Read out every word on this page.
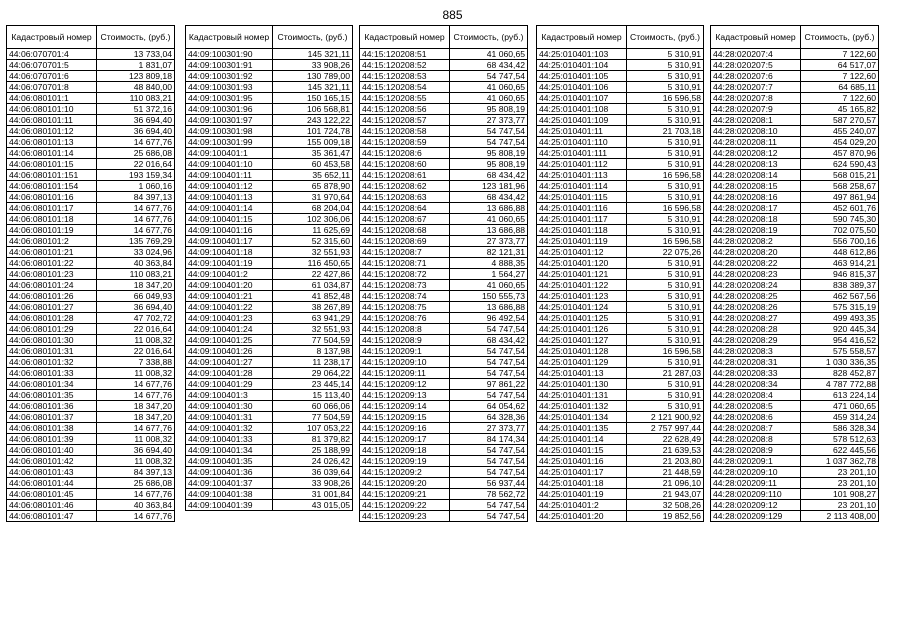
885
Кадастровый номер	Стоимость, (руб.)
44:06:070701:4	13 733,04
44:06:070701:5	1 831,07
44:06:070701:6	123 809,18
44:06:070701:8	48 840,00
44:06:080101:1	110 083,21
44:06:080101:10	51 372,16
44:06:080101:11	36 694,40
44:06:080101:12	36 694,40
44:06:080101:13	14 677,76
44:06:080101:14	25 686,08
44:06:080101:15	22 016,64
44:06:080101:151	193 159,34
44:06:080101:154	1 060,16
44:06:080101:16	84 397,13
44:06:080101:17	14 677,76
44:06:080101:18	14 677,76
44:06:080101:19	14 677,76
44:06:080101:2	135 769,29
44:06:080101:21	33 024,96
44:06:080101:22	40 363,84
44:06:080101:23	110 083,21
44:06:080101:24	18 347,20
44:06:080101:26	66 049,93
44:06:080101:27	36 694,40
44:06:080101:28	47 702,72
44:06:080101:29	22 016,64
44:06:080101:30	11 008,32
44:06:080101:31	22 016,64
44:06:080101:32	7 338,88
44:06:080101:33	11 008,32
44:06:080101:34	14 677,76
44:06:080101:35	14 677,76
44:06:080101:36	18 347,20
44:06:080101:37	18 347,20
44:06:080101:38	14 677,76
44:06:080101:39	11 008,32
44:06:080101:40	36 694,40
44:06:080101:42	11 008,32
44:06:080101:43	84 397,13
44:06:080101:44	25 686,08
44:06:080101:45	14 677,76
44:06:080101:46	40 363,84
44:06:080101:47	14 677,76
Кадастровый номер	Стоимость, (руб.)
44:09:100301:90	145 321,11
44:09:100301:91	33 908,26
44:09:100301:92	130 789,00
44:09:100301:93	145 321,11
44:09:100301:95	150 165,15
44:09:100301:96	106 568,81
44:09:100301:97	243 122,22
44:09:100301:98	101 724,78
44:09:100301:99	155 009,18
44:09:100401:1	35 361,47
44:09:100401:10	60 453,58
44:09:100401:11	35 652,11
44:09:100401:12	65 878,90
44:09:100401:13	31 970,64
44:09:100401:14	68 204,04
44:09:100401:15	102 306,06
44:09:100401:16	11 625,69
44:09:100401:17	52 315,60
44:09:100401:18	32 551,93
44:09:100401:19	116 450,65
44:09:100401:2	22 427,86
44:09:100401:20	61 034,87
44:09:100401:21	41 852,48
44:09:100401:22	38 267,89
44:09:100401:23	63 941,29
44:09:100401:24	32 551,93
44:09:100401:25	77 504,59
44:09:100401:26	8 137,98
44:09:100401:27	11 238,17
44:09:100401:28	29 064,22
44:09:100401:29	23 445,14
44:09:100401:3	15 113,40
44:09:100401:30	60 066,06
44:09:100401:31	77 504,59
44:09:100401:32	107 053,22
44:09:100401:33	81 379,82
44:09:100401:34	25 188,99
44:09:100401:35	24 026,42
44:09:100401:36	36 039,64
44:09:100401:37	33 908,26
44:09:100401:38	31 001,84
44:09:100401:39	43 015,05
Кадастровый номер	Стоимость, (руб.)
44:15:120208:51	41 060,65
44:15:120208:52	68 434,42
44:15:120208:53	54 747,54
44:15:120208:54	41 060,65
44:15:120208:55	41 060,65
44:15:120208:56	95 808,19
44:15:120208:57	27 373,77
44:15:120208:58	54 747,54
44:15:120208:59	54 747,54
44:15:120208:6	95 808,19
44:15:120208:60	95 808,19
44:15:120208:61	68 434,42
44:15:120208:62	123 181,96
44:15:120208:63	68 434,42
44:15:120208:64	13 686,88
44:15:120208:67	41 060,65
44:15:120208:68	13 686,88
44:15:120208:69	27 373,77
44:15:120208:7	82 121,31
44:15:120208:71	4 888,35
44:15:120208:72	1 564,27
44:15:120208:73	41 060,65
44:15:120208:74	150 555,73
44:15:120208:75	13 686,88
44:15:120208:76	96 492,54
44:15:120208:8	54 747,54
44:15:120208:9	68 434,42
44:15:120209:1	54 747,54
44:15:120209:10	54 747,54
44:15:120209:11	54 747,54
44:15:120209:12	97 861,22
44:15:120209:13	54 747,54
44:15:120209:14	64 054,62
44:15:120209:15	64 328,36
44:15:120209:16	27 373,77
44:15:120209:17	84 174,34
44:15:120209:18	54 747,54
44:15:120209:19	54 747,54
44:15:120209:2	54 747,54
44:15:120209:20	56 937,44
44:15:120209:21	78 562,72
44:15:120209:22	54 747,54
44:15:120209:23	54 747,54
Кадастровый номер	Стоимость, (руб.)
44:25:010401:103	5 310,91
44:25:010401:104	5 310,91
44:25:010401:105	5 310,91
44:25:010401:106	5 310,91
44:25:010401:107	16 596,58
44:25:010401:108	5 310,91
44:25:010401:109	5 310,91
44:25:010401:11	21 703,18
44:25:010401:110	5 310,91
44:25:010401:111	5 310,91
44:25:010401:112	5 310,91
44:25:010401:113	16 596,58
44:25:010401:114	5 310,91
44:25:010401:115	5 310,91
44:25:010401:116	16 596,58
44:25:010401:117	5 310,91
44:25:010401:118	5 310,91
44:25:010401:119	16 596,58
44:25:010401:12	22 075,26
44:25:010401:120	5 310,91
44:25:010401:121	5 310,91
44:25:010401:122	5 310,91
44:25:010401:123	5 310,91
44:25:010401:124	5 310,91
44:25:010401:125	5 310,91
44:25:010401:126	5 310,91
44:25:010401:127	5 310,91
44:25:010401:128	16 596,58
44:25:010401:129	5 310,91
44:25:010401:13	21 287,03
44:25:010401:130	5 310,91
44:25:010401:131	5 310,91
44:25:010401:132	5 310,91
44:25:010401:134	2 121 900,92
44:25:010401:135	2 757 997,44
44:25:010401:14	22 628,49
44:25:010401:15	21 639,53
44:25:010401:16	21 203,80
44:25:010401:17	21 448,59
44:25:010401:18	21 096,10
44:25:010401:19	21 943,07
44:25:010401:2	32 508,26
44:25:010401:20	19 852,56
Кадастровый номер	Стоимость, (руб.)
44:28:020207:4	7 122,60
44:28:020207:5	64 517,07
44:28:020207:6	7 122,60
44:28:020207:7	64 685,11
44:28:020207:8	7 122,60
44:28:020207:9	45 165,82
44:28:020208:1	587 270,57
44:28:020208:10	455 240,07
44:28:020208:11	454 029,20
44:28:020208:12	457 870,96
44:28:020208:13	624 590,43
44:28:020208:14	568 015,21
44:28:020208:15	568 258,67
44:28:020208:16	497 861,94
44:28:020208:17	452 601,76
44:28:020208:18	590 745,30
44:28:020208:19	702 075,50
44:28:020208:2	556 700,16
44:28:020208:20	448 612,86
44:28:020208:22	463 914,21
44:28:020208:23	946 815,37
44:28:020208:24	838 389,37
44:28:020208:25	462 567,56
44:28:020208:26	575 315,19
44:28:020208:27	499 493,35
44:28:020208:28	920 445,34
44:28:020208:29	954 416,52
44:28:020208:3	575 558,57
44:28:020208:31	1 030 336,35
44:28:020208:33	828 452,87
44:28:020208:34	4 787 772,88
44:28:020208:4	613 224,14
44:28:020208:5	471 060,65
44:28:020208:6	459 314,24
44:28:020208:7	586 328,34
44:28:020208:8	578 512,63
44:28:020208:9	622 445,56
44:28:020209:1	1 037 362,78
44:28:020209:10	23 201,10
44:28:020209:11	23 201,10
44:28:020209:110	101 908,27
44:28:020209:12	23 201,10
44:28:020209:129	2 113 408,00
